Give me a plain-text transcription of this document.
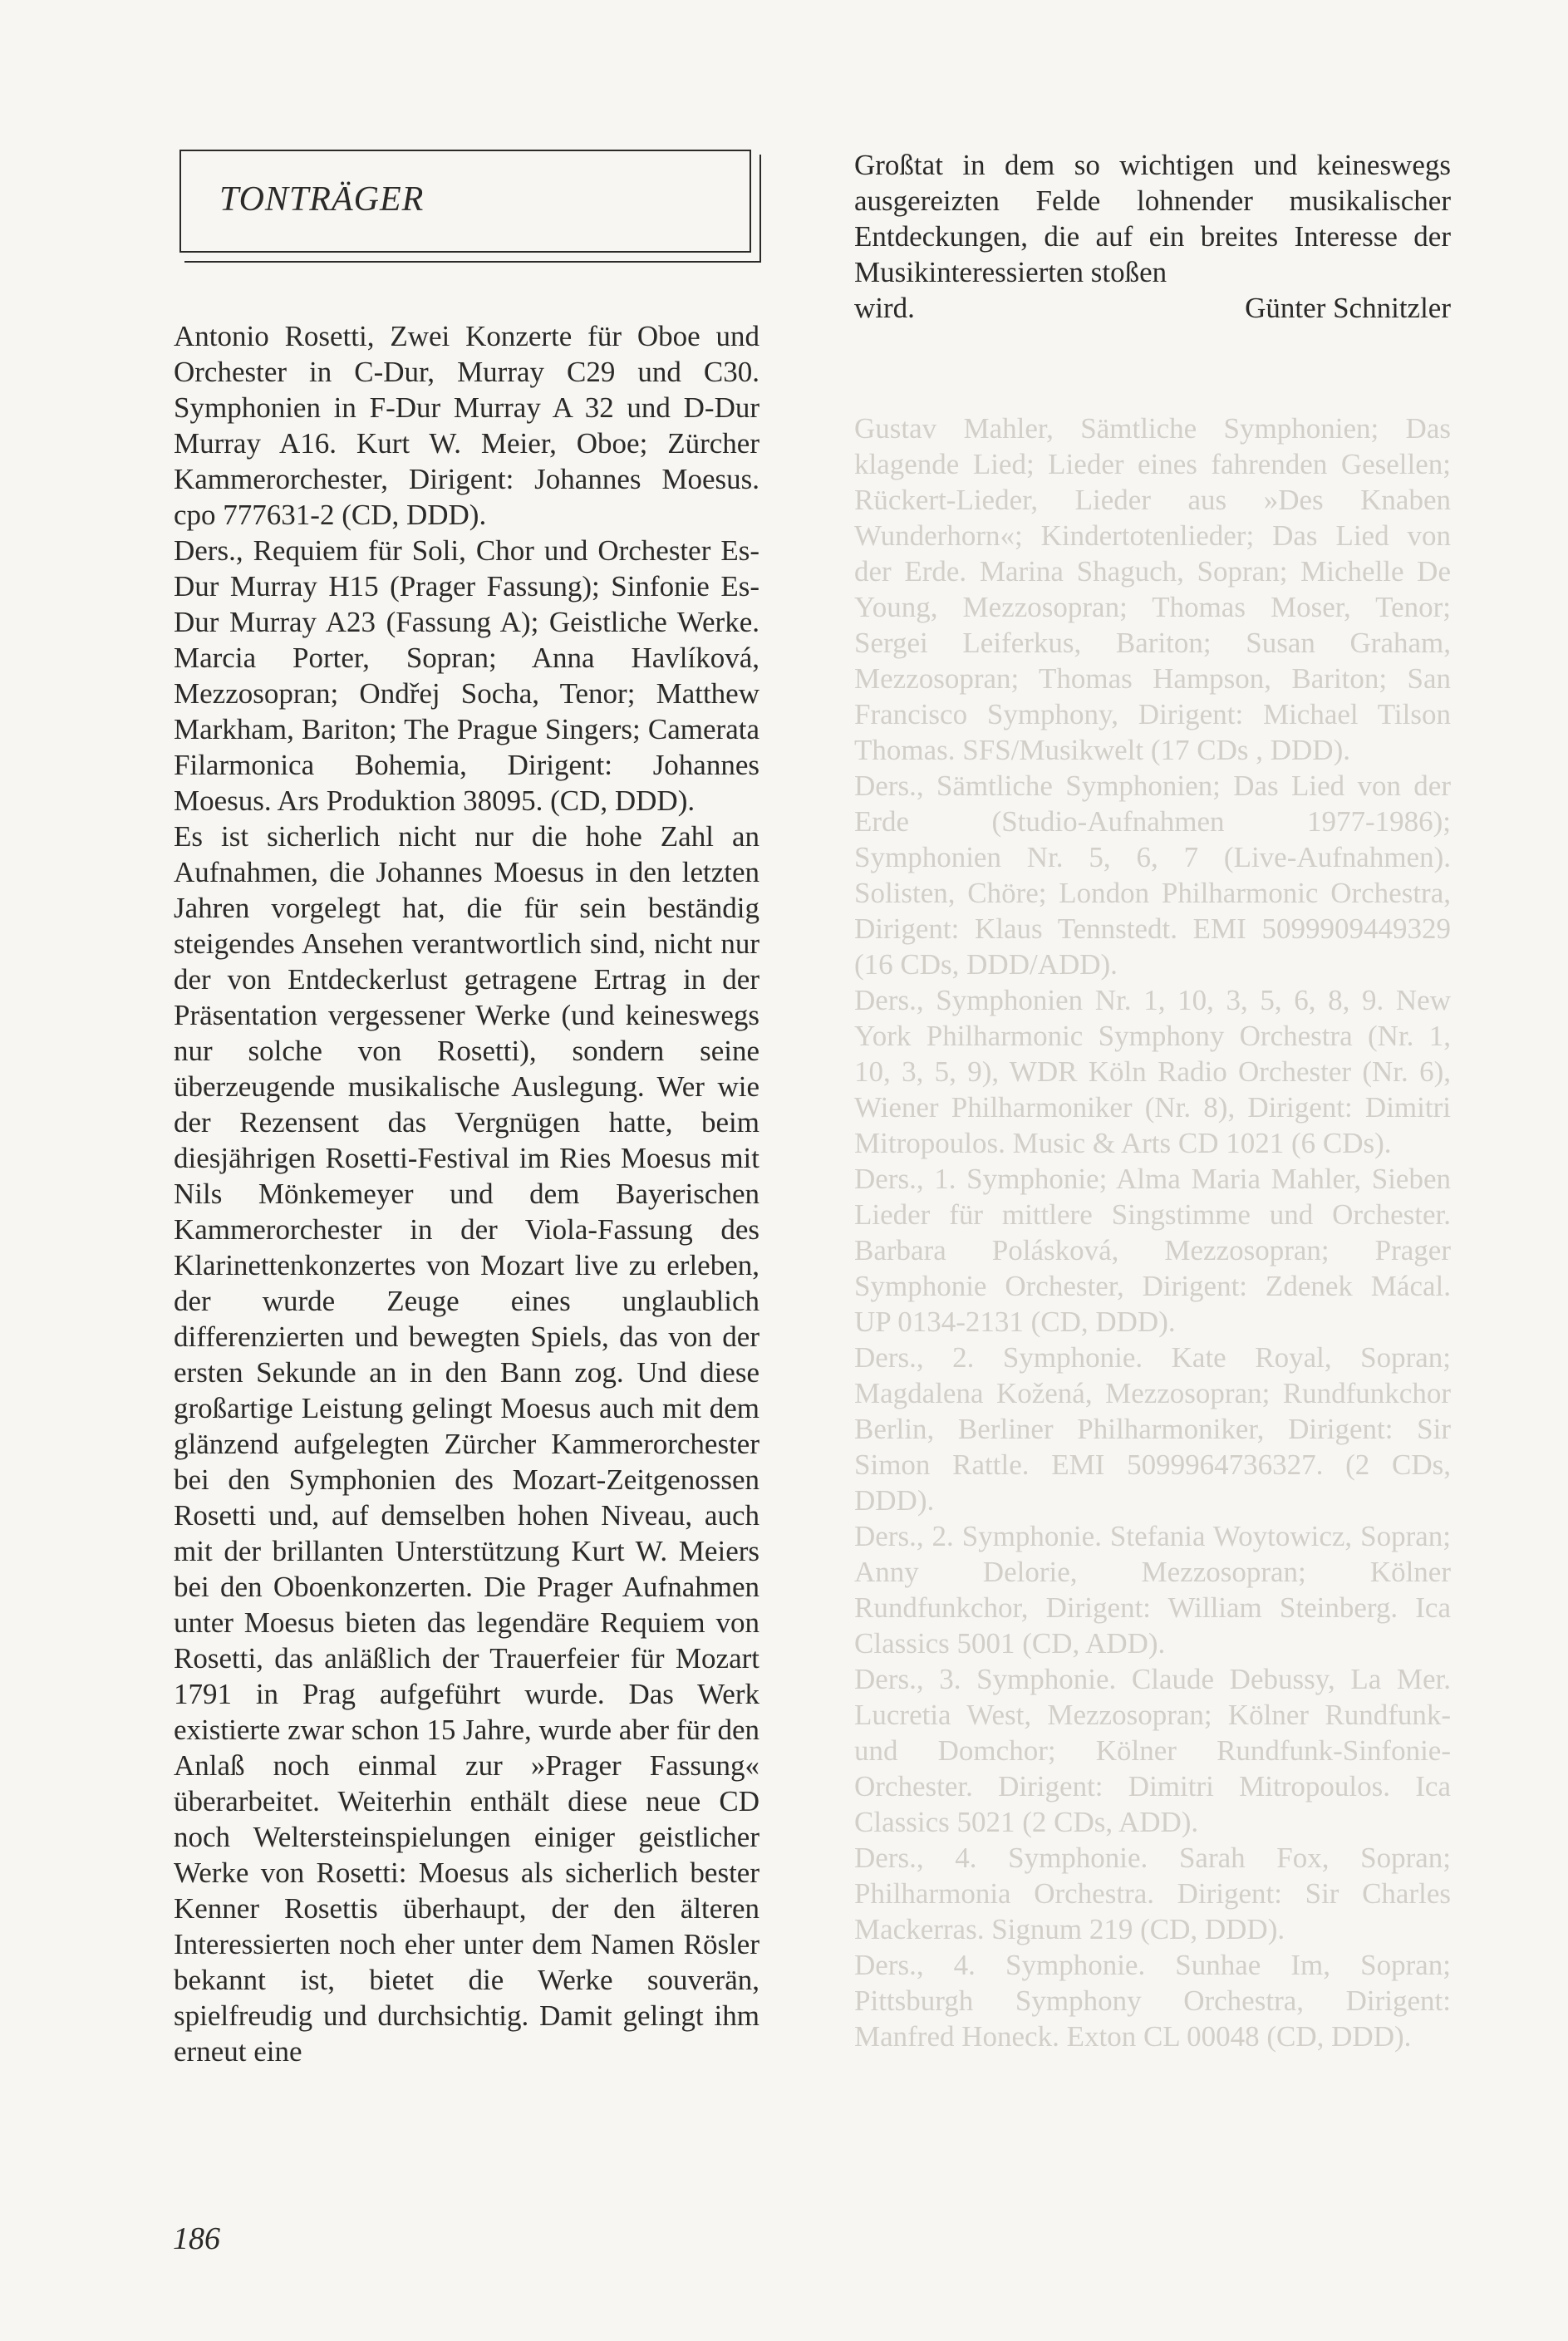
TONTRÄGER

Antonio Rosetti, Zwei Konzerte für Oboe und Orchester in C-Dur, Murray C29 und C30. Symphonien in F-Dur Murray A 32 und D-Dur Murray A16. Kurt W. Meier, Oboe; Zürcher Kammerorchester, Dirigent: Johannes Moesus. cpo 777631-2 (CD, DDD).

Ders., Requiem für Soli, Chor und Orchester Es-Dur Murray H15 (Prager Fassung); Sinfonie Es-Dur Murray A23 (Fassung A); Geistliche Werke. Marcia Porter, Sopran; Anna Havlíková, Mezzosopran; Ondřej Socha, Tenor; Matthew Markham, Bariton; The Prague Singers; Camerata Filarmonica Bohemia, Dirigent: Johannes Moesus. Ars Produktion 38095. (CD, DDD).

Es ist sicherlich nicht nur die hohe Zahl an Aufnahmen, die Johannes Moesus in den letzten Jahren vorgelegt hat, die für sein beständig steigendes Ansehen verantwortlich sind, nicht nur der von Entdeckerlust getragene Ertrag in der Präsentation vergessener Werke (und keineswegs nur solche von Rosetti), sondern seine überzeugende musikalische Auslegung. Wer wie der Rezensent das Vergnügen hatte, beim diesjährigen Rosetti-Festival im Ries Moesus mit Nils Mönkemeyer und dem Bayerischen Kammerorchester in der Viola-Fassung des Klarinettenkonzertes von Mozart live zu erleben, der wurde Zeuge eines unglaublich differenzierten und bewegten Spiels, das von der ersten Sekunde an in den Bann zog. Und diese großartige Leistung gelingt Moesus auch mit dem glänzend aufgelegten Zürcher Kammerorchester bei den Symphonien des Mozart-Zeitgenossen Rosetti und, auf demselben hohen Niveau, auch mit der brillanten Unterstützung Kurt W. Meiers bei den Oboenkonzerten. Die Prager Aufnahmen unter Moesus bieten das legendäre Requiem von Rosetti, das anläßlich der Trauerfeier für Mozart 1791 in Prag aufgeführt wurde. Das Werk existierte zwar schon 15 Jahre, wurde aber für den Anlaß noch einmal zur »Prager Fassung« überarbeitet. Weiterhin enthält diese neue CD noch Weltersteinspielungen einiger geistlicher Werke von Rosetti: Moesus als sicherlich bester Kenner Rosettis überhaupt, der den älteren Interessierten noch eher unter dem Namen Rösler bekannt ist, bietet die Werke souverän, spielfreudig und durchsichtig. Damit gelingt ihm erneut eine

Großtat in dem so wichtigen und keineswegs ausgereizten Felde lohnender musikalischer Entdeckungen, die auf ein breites Interesse der Musikinteressierten stoßen

wird.	Günter Schnitzler

Gustav Mahler, Sämtliche Symphonien; Das klagende Lied; Lieder eines fahrenden Gesellen; Rückert-Lieder, Lieder aus »Des Knaben Wunderhorn«; Kindertotenlieder; Das Lied von der Erde. Marina Shaguch, Sopran; Michelle De Young, Mezzosopran; Thomas Moser, Tenor; Sergei Leiferkus, Bariton; Susan Graham, Mezzosopran; Thomas Hampson, Bariton; San Francisco Symphony, Dirigent: Michael Tilson Thomas. SFS/Musikwelt (17 CDs , DDD).

Ders., Sämtliche Symphonien; Das Lied von der Erde (Studio-Aufnahmen 1977-1986); Symphonien Nr. 5, 6, 7 (Live-Aufnahmen). Solisten, Chöre; London Philharmonic Orchestra, Dirigent: Klaus Tennstedt. EMI 5099909449329 (16 CDs, DDD/ADD).

Ders., Symphonien Nr. 1, 10, 3, 5, 6, 8, 9. New York Philharmonic Symphony Orchestra (Nr. 1, 10, 3, 5, 9), WDR Köln Radio Orchester (Nr. 6), Wiener Philharmoniker (Nr. 8), Dirigent: Dimitri Mitropoulos. Music & Arts CD 1021 (6 CDs).

Ders., 1. Symphonie; Alma Maria Mahler, Sieben Lieder für mittlere Singstimme und Orchester. Barbara Polásková, Mezzosopran; Prager Symphonie Orchester, Dirigent: Zdenek Mácal. UP 0134-2131 (CD, DDD).

Ders., 2. Symphonie. Kate Royal, Sopran; Magdalena Kožená, Mezzosopran; Rundfunkchor Berlin, Berliner Philharmoniker, Dirigent: Sir Simon Rattle. EMI 5099964736327. (2 CDs, DDD).

Ders., 2. Symphonie. Stefania Woytowicz, Sopran; Anny Delorie, Mezzosopran; Kölner Rundfunkchor, Dirigent: William Steinberg. Ica Classics 5001 (CD, ADD).

Ders., 3. Symphonie. Claude Debussy, La Mer. Lucretia West, Mezzosopran; Kölner Rundfunk- und Domchor; Kölner Rundfunk-Sinfonie-Orchester. Dirigent: Dimitri Mitropoulos. Ica Classics 5021 (2 CDs, ADD).

Ders., 4. Symphonie. Sarah Fox, Sopran; Philharmonia Orchestra. Dirigent: Sir Charles Mackerras. Signum 219 (CD, DDD).

Ders., 4. Symphonie. Sunhae Im, Sopran; Pittsburgh Symphony Orchestra, Dirigent: Manfred Honeck. Exton CL 00048 (CD, DDD).

186
